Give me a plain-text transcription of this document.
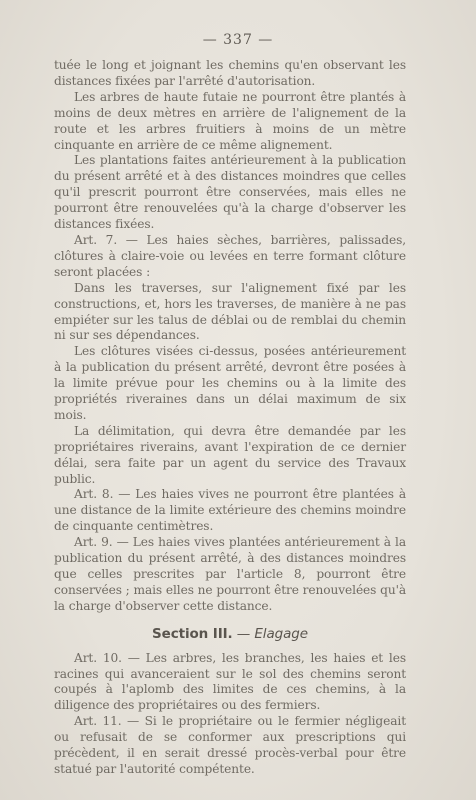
— 337 —

tuée le long et joignant les chemins qu'en observant les distances fixées par l'arrêté d'autorisation.

Les arbres de haute futaie ne pourront être plantés à moins de deux mètres en arrière de l'alignement de la route et les arbres fruitiers à moins de un mètre cinquante en arrière de ce même alignement.

Les plantations faites antérieurement à la publication du présent arrêté et à des distances moindres que celles qu'il prescrit pourront être conservées, mais elles ne pourront être renouvelées qu'à la charge d'observer les distances fixées.

Art. 7. — Les haies sèches, barrières, palissades, clôtures à claire-voie ou levées en terre formant clôture seront placées :

Dans les traverses, sur l'alignement fixé par les constructions, et, hors les traverses, de manière à ne pas empiéter sur les talus de déblai ou de remblai du chemin ni sur ses dépendances.

Les clôtures visées ci-dessus, posées antérieurement à la publication du présent arrêté, devront être posées à la limite prévue pour les chemins ou à la limite des propriétés riveraines dans un délai maximum de six mois.

La délimitation, qui devra être demandée par les propriétaires riverains, avant l'expiration de ce dernier délai, sera faite par un agent du service des Travaux public.

Art. 8. — Les haies vives ne pourront être plantées à une distance de la limite extérieure des chemins moindre de cinquante centimètres.

Art. 9. — Les haies vives plantées antérieurement à la publication du présent arrêté, à des distances moindres que celles prescrites par l'article 8, pourront être conservées ; mais elles ne pourront être renouvelées qu'à la charge d'observer cette distance.

Section III. — Elagage

Art. 10. — Les arbres, les branches, les haies et les racines qui avanceraient sur le sol des chemins seront coupés à l'aplomb des limites de ces chemins, à la diligence des propriétaires ou des fermiers.

Art. 11. — Si le propriétaire ou le fermier négligeait ou refusait de se conformer aux prescriptions qui précèdent, il en serait dressé procès-verbal pour être statué par l'autorité compétente.
